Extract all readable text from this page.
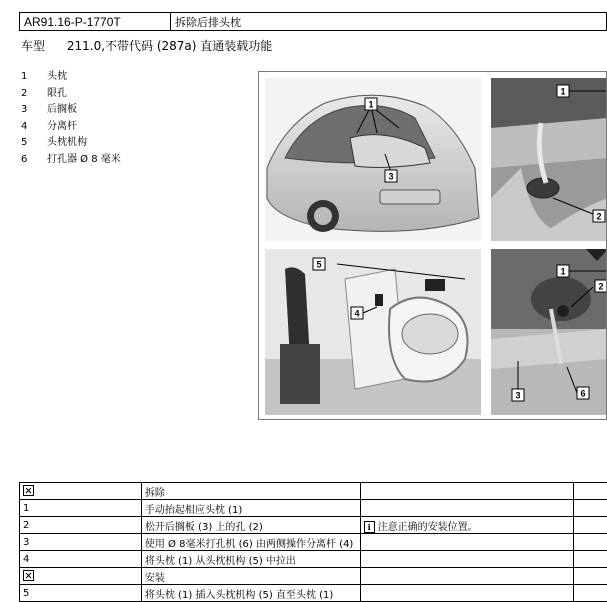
AR91.16-P-1770T	拆除后排头枕
车型 211.0,不带代码 (287a) 直通装载功能
1	头枕
2	限孔
3	后搁板
4	分离杆
5	头枕机构
6	打孔器 Ø 8 毫米
1
3
1
2
5
4
1
2
3	6
	拆除		
1	手动抬起相应头枕 (1)		
2	松开后搁板 (3) 上的孔 (2)	i 注意正确的安装位置。	
3	使用 Ø 8毫米打孔机 (6) 由两侧操作分离杆 (4)		
4	将头枕 (1) 从头枕机构 (5) 中拉出		
	安装		
5	将头枕 (1) 插入头枕机构 (5) 直至头枕 (1)		
